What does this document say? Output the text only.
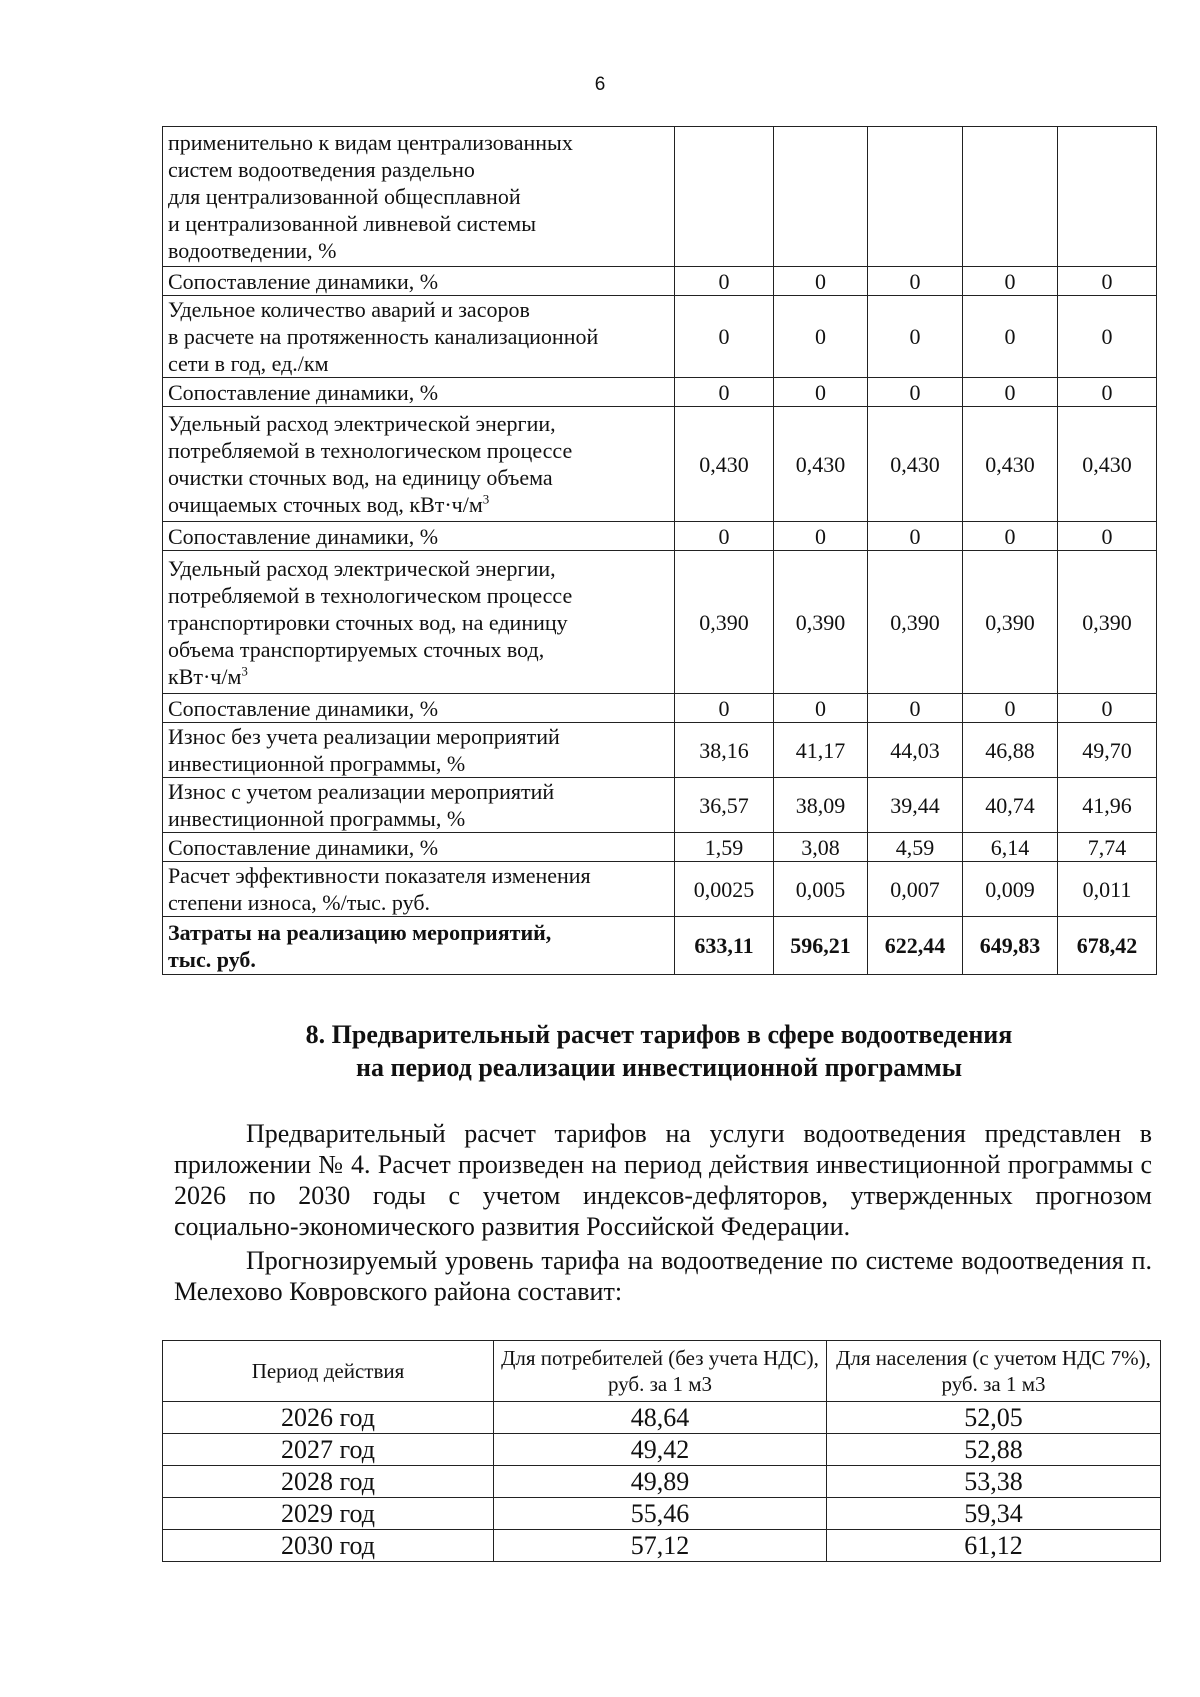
6
применительно к видам централизованных
систем водоотведения раздельно
для централизованной общесплавной
и централизованной ливневой системы
водоотведении, %					

Сопоставление динамики, %	0	0	0	0	0

Удельное количество аварий и засоров
в расчете на протяженность канализационной
сети в год, ед./км	0	0	0	0	0

Сопоставление динамики, %	0	0	0	0	0

Удельный расход электрической энергии,
потребляемой в технологическом процессе
очистки сточных вод, на единицу объема
очищаемых сточных вод, $кВт\cdot ч/м^3$	0,430	0,430	0,430	0,430	0,430

Сопоставление динамики, %	0	0	0	0	0

Удельный расход электрической энергии,
потребляемой в технологическом процессе
транспортировки сточных вод, на единицу
объема транспортируемых сточных вод,
$кВт\cdot ч/м^3$	0,390	0,390	0,390	0,390	0,390

Сопоставление динамики, %	0	0	0	0	0

Износ без учета реализации мероприятий
инвестиционной программы, %	38,16	41,17	44,03	46,88	49,70

Износ с учетом реализации мероприятий
инвестиционной программы, %	36,57	38,09	39,44	40,74	41,96

Сопоставление динамики, %	1,59	3,08	4,59	6,14	7,74

Расчет эффективности показателя изменения
степени износа, %/тыс. руб.	0,0025	0,005	0,007	0,009	0,011

Затраты на реализацию мероприятий,
тыс. руб.	633,11	596,21	622,44	649,83	678,42
8. Предварительный расчет тарифов в сфере водоотведения
на период реализации инвестиционной программы

Предварительный расчет тарифов на услуги водоотведения представлен в приложении № 4. Расчет произведен на период действия инвестиционной программы с 2026 по 2030 годы с учетом индексов-дефляторов, утвержденных прогнозом социально-экономического развития Российской Федерации.

Прогнозируемый уровень тарифа на водоотведение по системе водоотведения п. Мелехово Ковровского района составит:

Период действия	Для потребителей (без учета НДС), руб. за 1 м3	Для населения (с учетом НДС 7%), руб. за 1 м3
2026 год	48,64	52,05
2027 год	49,42	52,88
2028 год	49,89	53,38
2029 год	55,46	59,34
2030 год	57,12	61,12
